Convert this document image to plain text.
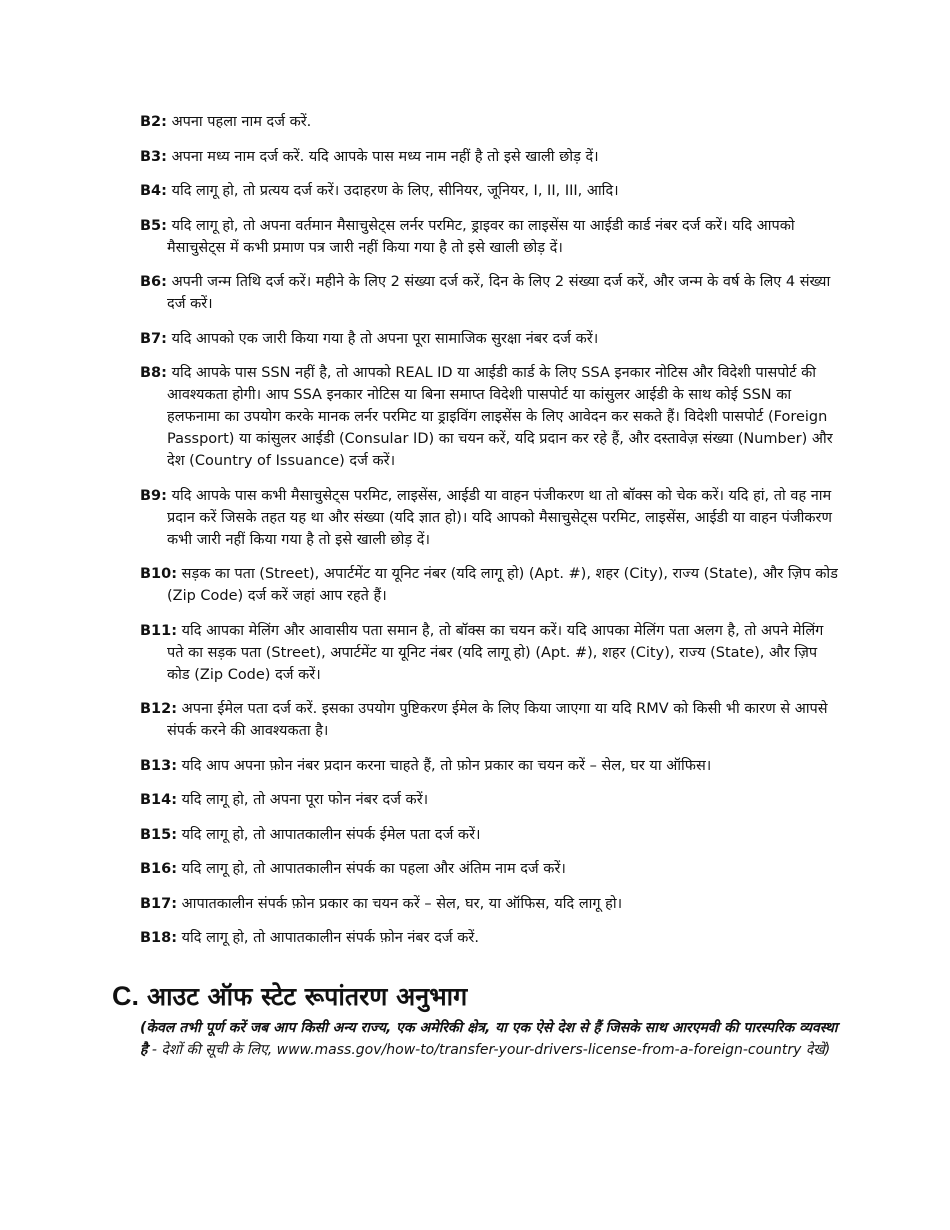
B2: अपना पहला नाम दर्ज करें.
B3: अपना मध्य नाम दर्ज करें. यदि आपके पास मध्य नाम नहीं है तो इसे खाली छोड़ दें।
B4: यदि लागू हो, तो प्रत्यय दर्ज करें। उदाहरण के लिए, सीनियर, जूनियर, I, II, III, आदि।
B5: यदि लागू हो, तो अपना वर्तमान मैसाचुसेट्स लर्नर परमिट, ड्राइवर का लाइसेंस या आईडी कार्ड नंबर दर्ज करें। यदि आपको मैसाचुसेट्स में कभी प्रमाण पत्र जारी नहीं किया गया है तो इसे खाली छोड़ दें।
B6: अपनी जन्म तिथि दर्ज करें। महीने के लिए 2 संख्या दर्ज करें, दिन के लिए 2 संख्या दर्ज करें, और जन्म के वर्ष के लिए 4 संख्या दर्ज करें।
B7: यदि आपको एक जारी किया गया है तो अपना पूरा सामाजिक सुरक्षा नंबर दर्ज करें।
B8: यदि आपके पास SSN नहीं है, तो आपको REAL ID या आईडी कार्ड के लिए SSA इनकार नोटिस और विदेशी पासपोर्ट की आवश्यकता होगी। आप SSA इनकार नोटिस या बिना समाप्त विदेशी पासपोर्ट या कांसुलर आईडी के साथ कोई SSN का हलफनामा का उपयोग करके मानक लर्नर परमिट या ड्राइविंग लाइसेंस के लिए आवेदन कर सकते हैं। विदेशी पासपोर्ट (Foreign Passport) या कांसुलर आईडी (Consular ID) का चयन करें, यदि प्रदान कर रहे हैं, और दस्तावेज़ संख्या (Number) और देश (Country of Issuance) दर्ज करें।
B9: यदि आपके पास कभी मैसाचुसेट्स परमिट, लाइसेंस, आईडी या वाहन पंजीकरण था तो बॉक्स को चेक करें। यदि हां, तो वह नाम प्रदान करें जिसके तहत यह था और संख्या (यदि ज्ञात हो)। यदि आपको मैसाचुसेट्स परमिट, लाइसेंस, आईडी या वाहन पंजीकरण कभी जारी नहीं किया गया है तो इसे खाली छोड़ दें।
B10: सड़क का पता (Street), अपार्टमेंट या यूनिट नंबर (यदि लागू हो) (Apt. #), शहर (City), राज्य (State), और ज़िप कोड (Zip Code) दर्ज करें जहां आप रहते हैं।
B11: यदि आपका मेलिंग और आवासीय पता समान है, तो बॉक्स का चयन करें। यदि आपका मेलिंग पता अलग है, तो अपने मेलिंग पते का सड़क पता (Street), अपार्टमेंट या यूनिट नंबर (यदि लागू हो) (Apt. #), शहर (City), राज्य (State), और ज़िप कोड (Zip Code) दर्ज करें।
B12: अपना ईमेल पता दर्ज करें. इसका उपयोग पुष्टिकरण ईमेल के लिए किया जाएगा या यदि RMV को किसी भी कारण से आपसे संपर्क करने की आवश्यकता है।
B13: यदि आप अपना फ़ोन नंबर प्रदान करना चाहते हैं, तो फ़ोन प्रकार का चयन करें – सेल, घर या ऑफिस।
B14: यदि लागू हो, तो अपना पूरा फोन नंबर दर्ज करें।
B15: यदि लागू हो, तो आपातकालीन संपर्क ईमेल पता दर्ज करें।
B16: यदि लागू हो, तो आपातकालीन संपर्क का पहला और अंतिम नाम दर्ज करें।
B17: आपातकालीन संपर्क फ़ोन प्रकार का चयन करें – सेल, घर, या ऑफिस, यदि लागू हो।
B18: यदि लागू हो, तो आपातकालीन संपर्क फ़ोन नंबर दर्ज करें.
C. आउट ऑफ स्टेट रूपांतरण अनुभाग

(केवल तभी पूर्ण करें जब आप किसी अन्य राज्य, एक अमेरिकी क्षेत्र, या एक ऐसे देश से हैं जिसके साथ आरएमवी की पारस्परिक व्यवस्था है - देशों की सूची के लिए, www.mass.gov/how-to/transfer-your-drivers-license-from-a-foreign-country देखें)
